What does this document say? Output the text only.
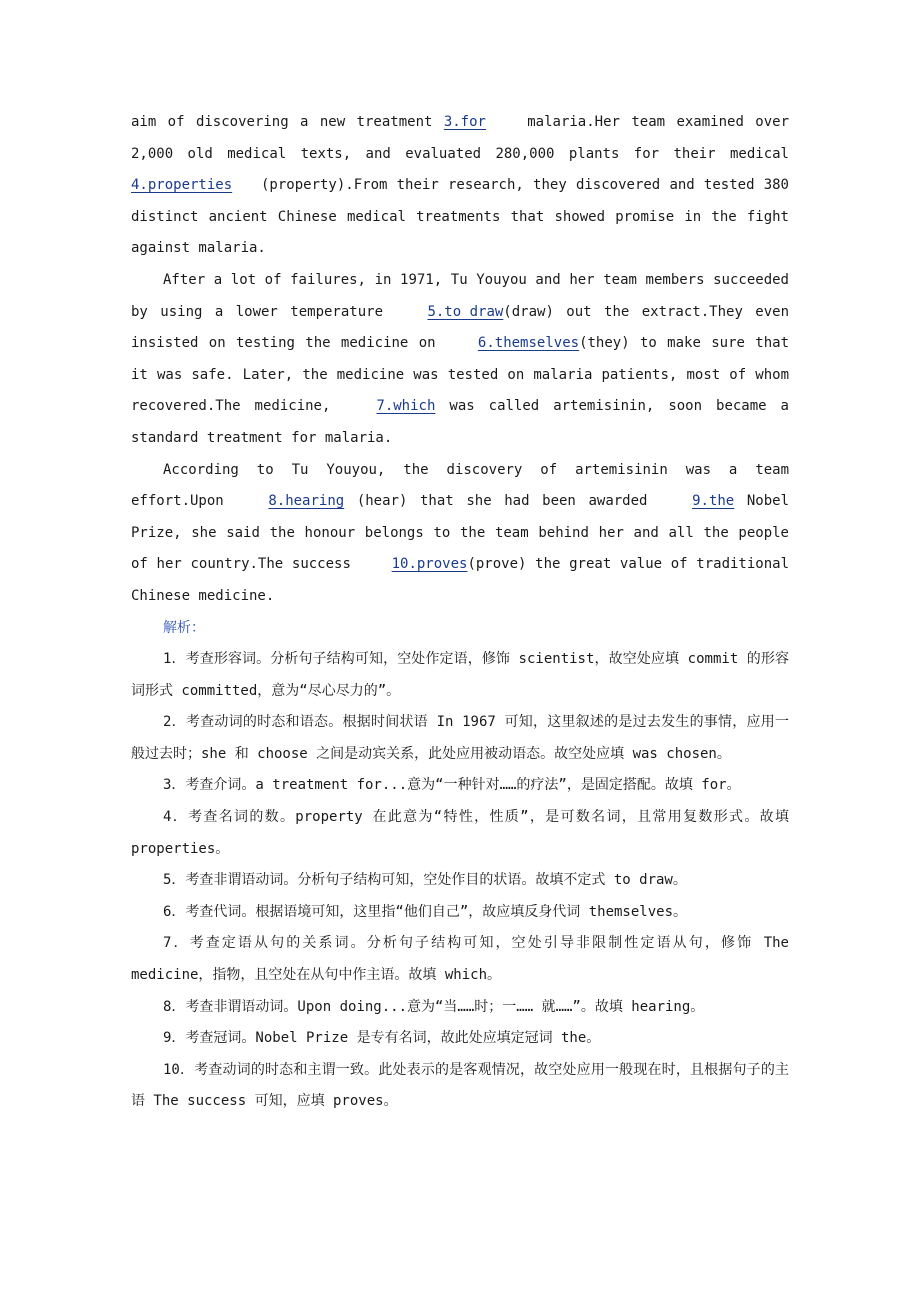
aim of discovering a new treatment 3.for malaria.Her team examined over 2,000 old medical texts, and evaluated 280,000 plants for their medical 4.properties (property).From their research, they discovered and tested 380 distinct ancient Chinese medical treatments that showed promise in the fight against malaria.

After a lot of failures, in 1971, Tu Youyou and her team members succeeded by using a lower temperature 5.to draw(draw) out the extract.They even insisted on testing the medicine on 6.themselves(they) to make sure that it was safe. Later, the medicine was tested on malaria patients, most of whom recovered.The medicine, 7.which was called artemisinin, soon became a standard treatment for malaria.

According to Tu Youyou, the discovery of artemisinin was a team effort.Upon 8.hearing (hear) that she had been awarded 9.the Nobel Prize, she said the honour belongs to the team behind her and all the people of her country.The success 10.proves(prove) the great value of traditional Chinese medicine.

解析：

1．考查形容词。分析句子结构可知，空处作定语，修饰 scientist，故空处应填 commit 的形容词形式 committed，意为“尽心尽力的”。

2．考查动词的时态和语态。根据时间状语 In 1967 可知，这里叙述的是过去发生的事情，应用一般过去时；she 和 choose 之间是动宾关系，此处应用被动语态。故空处应填 was chosen。

3．考查介词。a treatment for...意为“一种针对……的疗法”，是固定搭配。故填 for。

4．考查名词的数。property 在此意为“特性，性质”，是可数名词，且常用复数形式。故填 properties。

5．考查非谓语动词。分析句子结构可知，空处作目的状语。故填不定式 to draw。

6．考查代词。根据语境可知，这里指“他们自己”，故应填反身代词 themselves。

7．考查定语从句的关系词。分析句子结构可知，空处引导非限制性定语从句，修饰 The medicine，指物，且空处在从句中作主语。故填 which。

8．考查非谓语动词。Upon doing...意为“当……时；一…… 就……”。故填 hearing。

9．考查冠词。Nobel Prize 是专有名词，故此处应填定冠词 the。

10．考查动词的时态和主谓一致。此处表示的是客观情况，故空处应用一般现在时，且根据句子的主语 The success 可知，应填 proves。
